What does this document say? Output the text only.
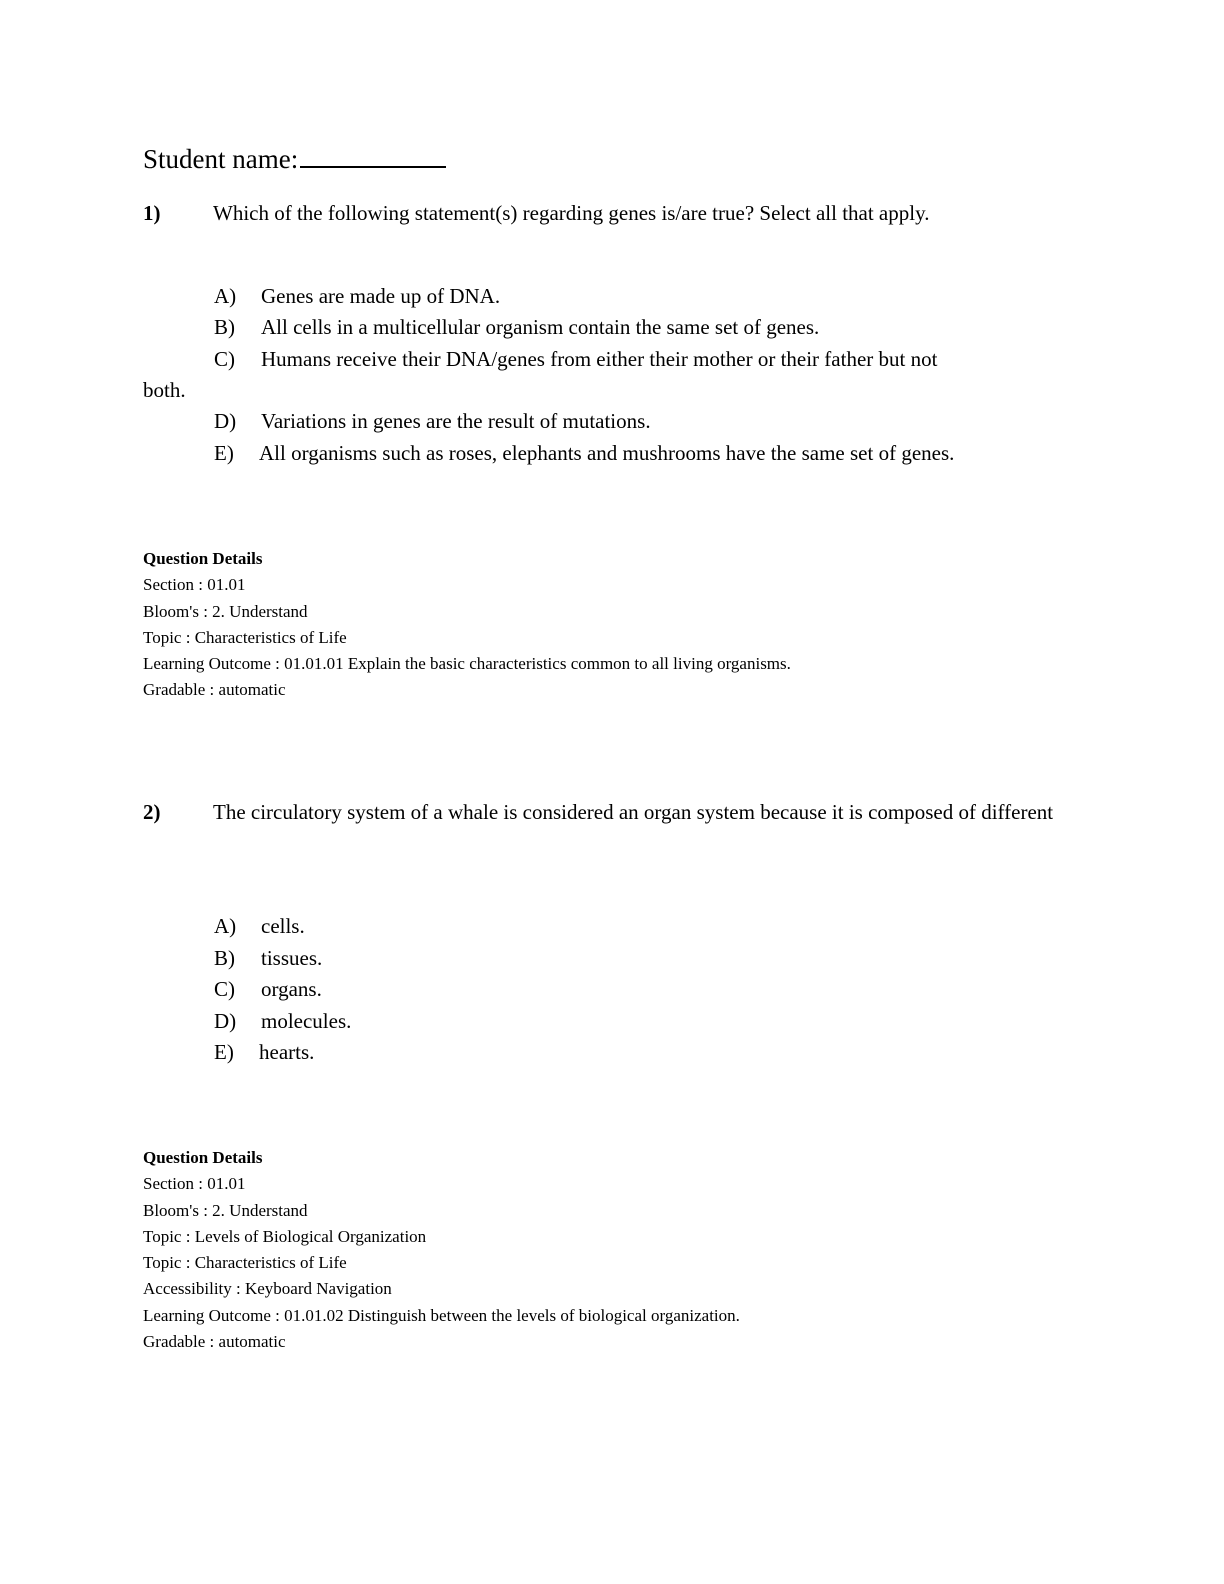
Student name:
1)	Which of the following statement(s) regarding genes is/are true? Select all that apply.
A) Genes are made up of DNA.
B) All cells in a multicellular organism contain the same set of genes.
C) Humans receive their DNA/genes from either their mother or their father but not
both.
D) Variations in genes are the result of mutations.
E) All organisms such as roses, elephants and mushrooms have the same set of genes.
Question Details
Section : 01.01
Bloom's : 2. Understand
Topic : Characteristics of Life
Learning Outcome : 01.01.01 Explain the basic characteristics common to all living organisms.
Gradable : automatic
2)	The circulatory system of a whale is considered an organ system because it is composed of different
A) cells.
B) tissues.
C) organs.
D) molecules.
E) hearts.
Question Details
Section : 01.01
Bloom's : 2. Understand
Topic : Levels of Biological Organization
Topic : Characteristics of Life
Accessibility : Keyboard Navigation
Learning Outcome : 01.01.02 Distinguish between the levels of biological organization.
Gradable : automatic
